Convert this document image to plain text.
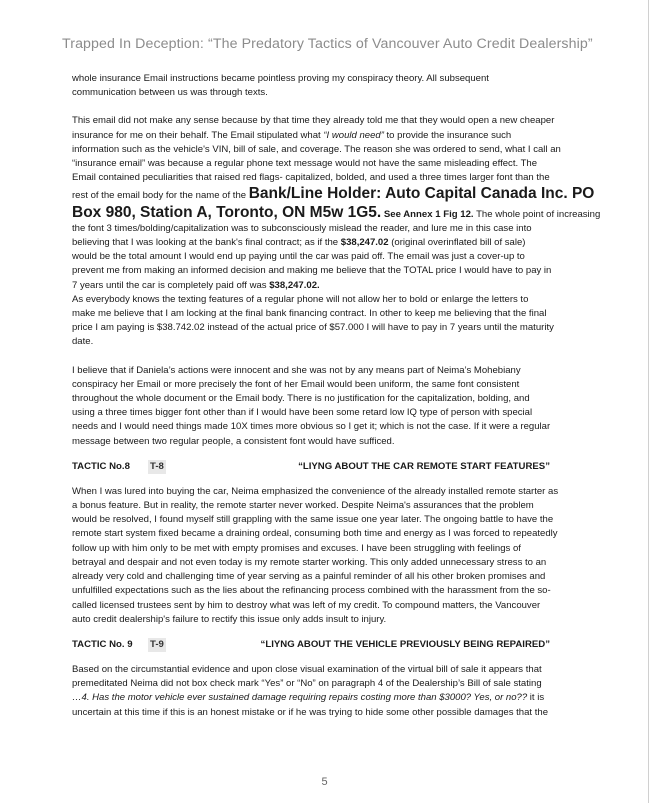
Trapped In Deception: “The Predatory Tactics of Vancouver Auto Credit Dealership”

whole insurance Email instructions became pointless proving my conspiracy theory. All subsequent

communication between us was through texts.

This email did not make any sense because by that time they already told me that they would open a new cheaper

insurance for me on their behalf. The Email stipulated what “I would need” to provide the insurance such

information such as the vehicle's VIN, bill of sale, and coverage. The reason she was ordered to send, what I call an

“insurance email” was because a regular phone text message would not have the same misleading effect. The

Email contained peculiarities that raised red flags- capitalized, bolded, and used a three times larger font than the

rest of the email body for the name of the Bank/Line Holder: Auto Capital Canada Inc. PO

Box 980, Station A, Toronto, ON M5w 1G5. See Annex 1 Fig 12. The whole point of increasing

the font 3 times/bolding/capitalization was to subconsciously mislead the reader, and lure me in this case into

believing that I was looking at the bank's final contract; as if the $38,247.02 (original overinflated bill of sale)

would be the total amount I would end up paying until the car was paid off. The email was just a cover-up to

prevent me from making an informed decision and making me believe that the TOTAL price I would have to pay in

7 years until the car is completely paid off was $38,247.02.

As everybody knows the texting features of a regular phone will not allow her to bold or enlarge the letters to

make me believe that I am locking at the final bank financing contract. In other to keep me believing that the final

price I am paying is $38.742.02 instead of the actual price of $57.000 I will have to pay in 7 years until the maturity

date.

I believe that if Daniela’s actions were innocent and she was not by any means part of Neima’s Mohebiany

conspiracy her Email or more precisely the font of her Email would been uniform, the same font consistent

throughout the whole document or the Email body. There is no justification for the capitalization, bolding, and

using a three times bigger font other than if I would have been some retard low IQ type of person with special

needs and I would need things made 10X times more obvious so I get it; which is not the case. If it were a regular

message between two regular people, a consistent font would have sufficed.

TACTIC No.8	T-8	“LIYNG ABOUT THE CAR REMOTE START FEATURES”

When I was lured into buying the car, Neima emphasized the convenience of the already installed remote starter as

a bonus feature. But in reality, the remote starter never worked. Despite Neima's assurances that the problem

would be resolved, I found myself still grappling with the same issue one year later. The ongoing battle to have the

remote start system fixed became a draining ordeal, consuming both time and energy as I was forced to repeatedly

follow up with him only to be met with empty promises and excuses. I have been struggling with feelings of

betrayal and despair and not even today is my remote starter working. This only added unnecessary stress to an

already very cold and challenging time of year serving as a painful reminder of all his other broken promises and

unfulfilled expectations such as the lies about the refinancing process combined with the harassment from the so-

called licensed trustees sent by him to destroy what was left of my credit. To compound matters, the Vancouver

auto credit dealership's failure to rectify this issue only adds insult to injury.

TACTIC No. 9	T-9	“LIYNG ABOUT THE VEHICLE PREVIOUSLY BEING REPAIRED”

Based on the circumstantial evidence and upon close visual examination of the virtual bill of sale it appears that

premeditated Neima did not box check mark “Yes” or “No” on paragraph 4 of the Dealership’s Bill of sale stating

…4. Has the motor vehicle ever sustained damage requiring repairs costing more than $3000? Yes, or no?? it is

uncertain at this time if this is an honest mistake or if he was trying to hide some other possible damages that the

5
